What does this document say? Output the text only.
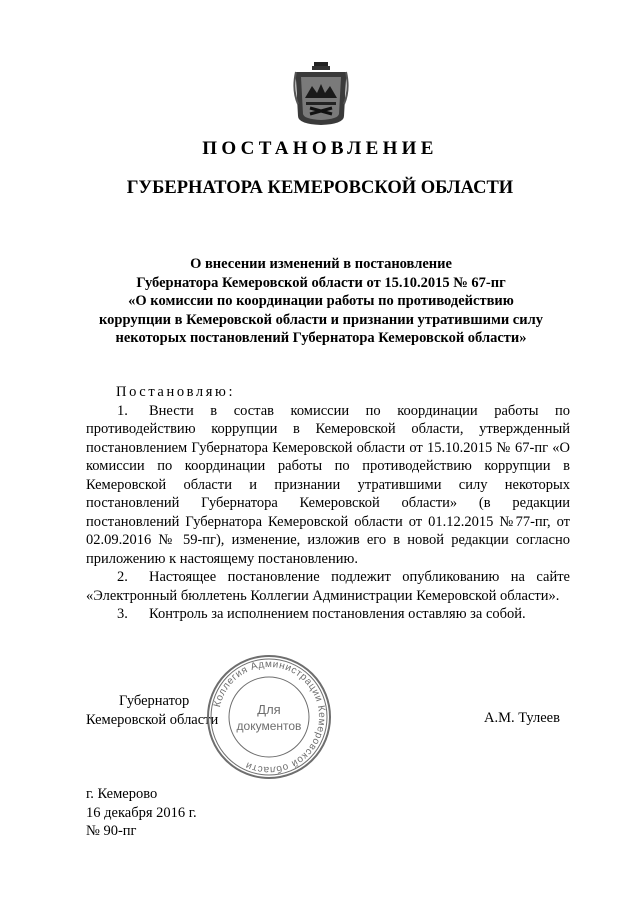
ПОСТАНОВЛЕНИЕ
ГУБЕРНАТОРА КЕМЕРОВСКОЙ ОБЛАСТИ
О внесении изменений в постановление
Губернатора Кемеровской области от 15.10.2015 № 67-пг
«О комиссии по координации работы по противодействию
коррупции в Кемеровской области и признании утратившими силу
некоторых постановлений Губернатора Кемеровской области»
Постановляю:

1. Внести в состав комиссии по координации работы по противодействию коррупции в Кемеровской области, утвержденный постановлением Губернатора Кемеровской области от 15.10.2015 № 67-пг «О комиссии по координации работы по противодействию коррупции в Кемеровской области и признании утратившими силу некоторых постановлений Губернатора Кемеровской области» (в редакции постановлений Губернатора Кемеровской области от 01.12.2015 №77-пг, от 02.09.2016 № 59-пг), изменение, изложив его в новой редакции согласно приложению к настоящему постановлению.

2. Настоящее постановление подлежит опубликованию на сайте «Электронный бюллетень Коллегии Администрации Кемеровской области».

3. Контроль за исполнением постановления оставляю за собой.

Губернатор
Кемеровской области	А.М. Тулеев
Коллегия Администрации Кемеровской области
Для
документов
г. Кемерово
16 декабря 2016 г.
№ 90-пг
